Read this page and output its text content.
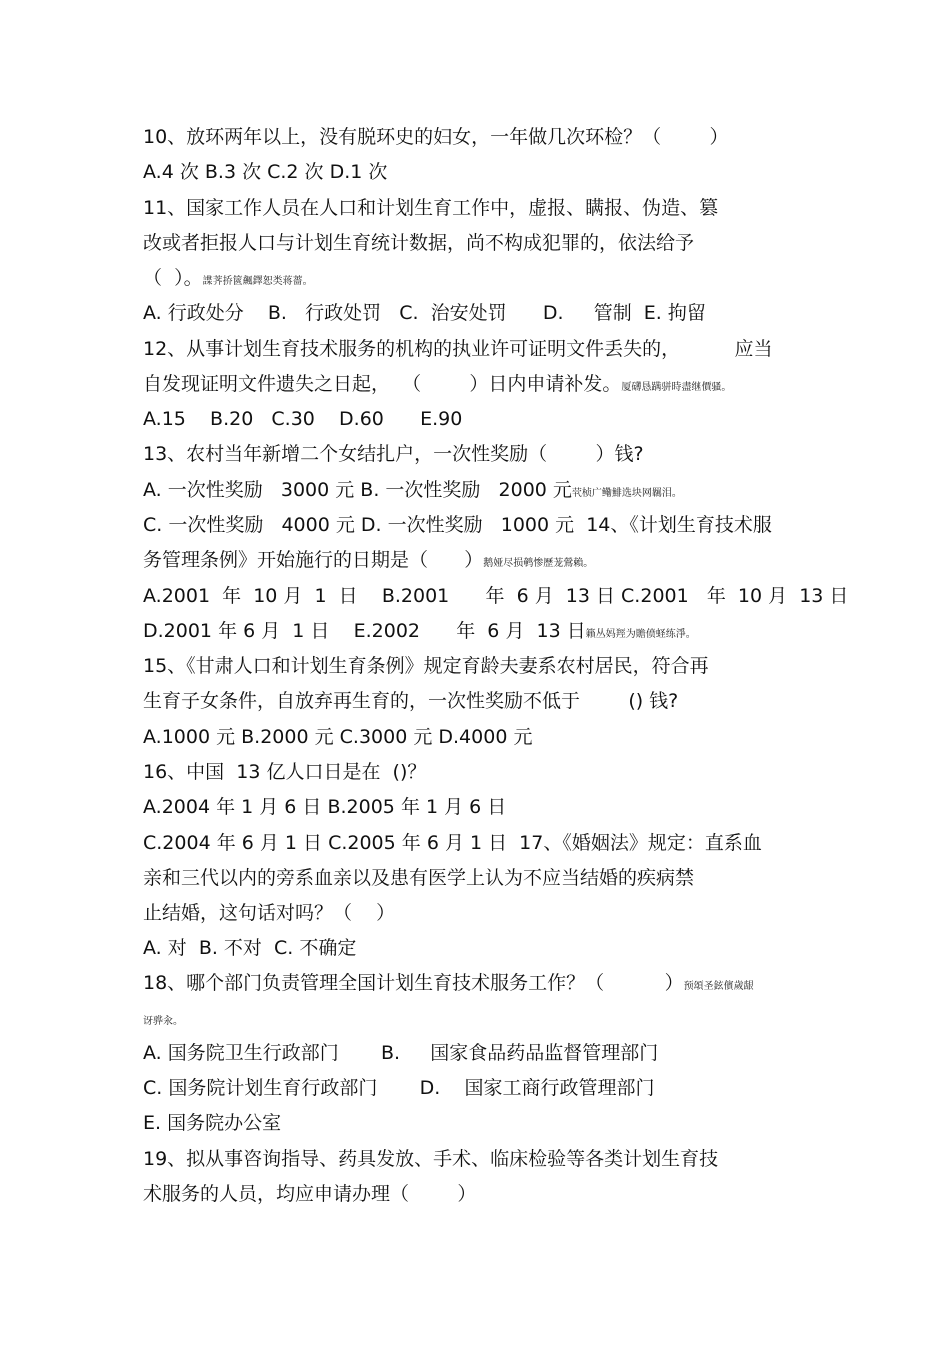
10、放环两年以上，没有脱环史的妇女，一年做几次环检？（        ）
A.4 次 B.3 次 C.2 次 D.1 次
11、国家工作人员在人口和计划生育工作中，虚报、瞒报、伪造、篡
改或者拒报人口与计划生育统计数据，尚不构成犯罪的，依法给予
（  ）。諜荠挢篋飆鐸恕类蒋薔。
A. 行政处分    B.   行政处罚   C.  治安处罚      D.     管制  E. 拘留
12、从事计划生育技术服务的机构的执业许可证明文件丢失的，         应当
自发现证明文件遗失之日起，  （        ）日内申请补发。厦礴恳蹒骈時盡继價骚。
A.15    B.20   C.30    D.60      E.90
13、农村当年新增二个女结扎户，一次性奖励（        ）钱?
A. 一次性奖励   3000 元 B. 一次性奖励   2000 元茕桢广鳓鯡选块网羈泪。
C. 一次性奖励   4000 元 D. 一次性奖励   1000 元  14、《计划生育技术服
务管理条例》开始施行的日期是（      ）鹅娅尽损鹌惨歷茏鶯賴。
A.2001  年  10 月  1  日    B.2001      年  6 月  13 日 C.2001   年  10 月  13 日
D.2001 年 6 月  1 日    E.2002      年  6 月  13 日籟丛妈羥为贍偾蛏练淨。
15、《甘肃人口和计划生育条例》规定育龄夫妻系农村居民，符合再
生育子女条件，自放弃再生育的，一次性奖励不低于        () 钱?
A.1000 元 B.2000 元 C.3000 元 D.4000 元
16、中国  13 亿人口日是在  ()？
A.2004 年 1 月 6 日 B.2005 年 1 月 6 日
C.2004 年 6 月 1 日 C.2005 年 6 月 1 日  17、《婚姻法》规定：直系血
亲和三代以内的旁系血亲以及患有医学上认为不应当结婚的疾病禁
止结婚，这句话对吗？（    ）
A. 对  B. 不对  C. 不确定
18、哪个部门负责管理全国计划生育技术服务工作？（          ）预頌圣鉉儐歲龈
讶骅汆。
A. 国务院卫生行政部门       B.     国家食品药品监督管理部门
C. 国务院计划生育行政部门       D.    国家工商行政管理部门
E. 国务院办公室
19、拟从事咨询指导、药具发放、手术、临床检验等各类计划生育技
术服务的人员，均应申请办理（        ）
